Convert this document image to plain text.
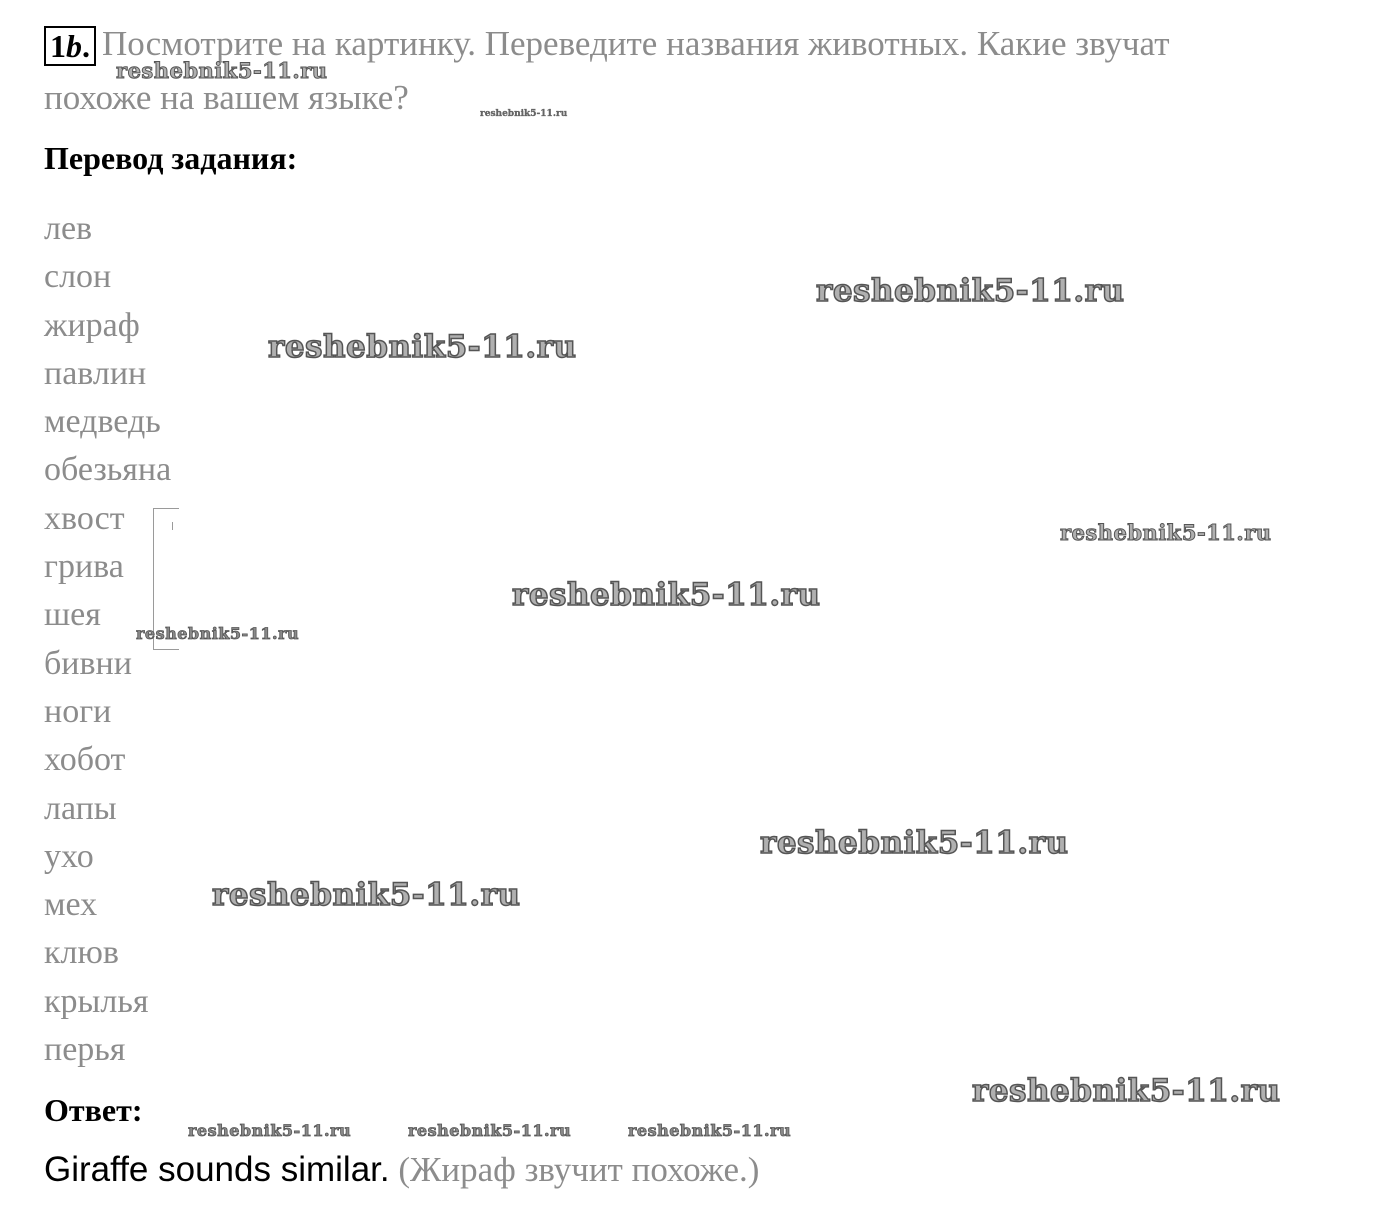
1b. Посмотрите на картинку. Переведите названия животных. Какие звучат
похоже на вашем языке?
Перевод задания:
лев
слон
жираф
павлин
медведь
обезьяна
хвост
грива
шея
бивни
ноги
хобот
лапы
ухо
мех
клюв
крылья
перья
Ответ:
Giraffe sounds similar. (Жираф звучит похоже.)
reshebnik5-11.ru
reshebnik5-11.ru
reshebnik5-11.ru
reshebnik5-11.ru
reshebnik5-11.ru
reshebnik5-11.ru
reshebnik5-11.ru
reshebnik5-11.ru
reshebnik5-11.ru
reshebnik5-11.ru
reshebnik5-11.ru	reshebnik5-11.ru	reshebnik5-11.ru
